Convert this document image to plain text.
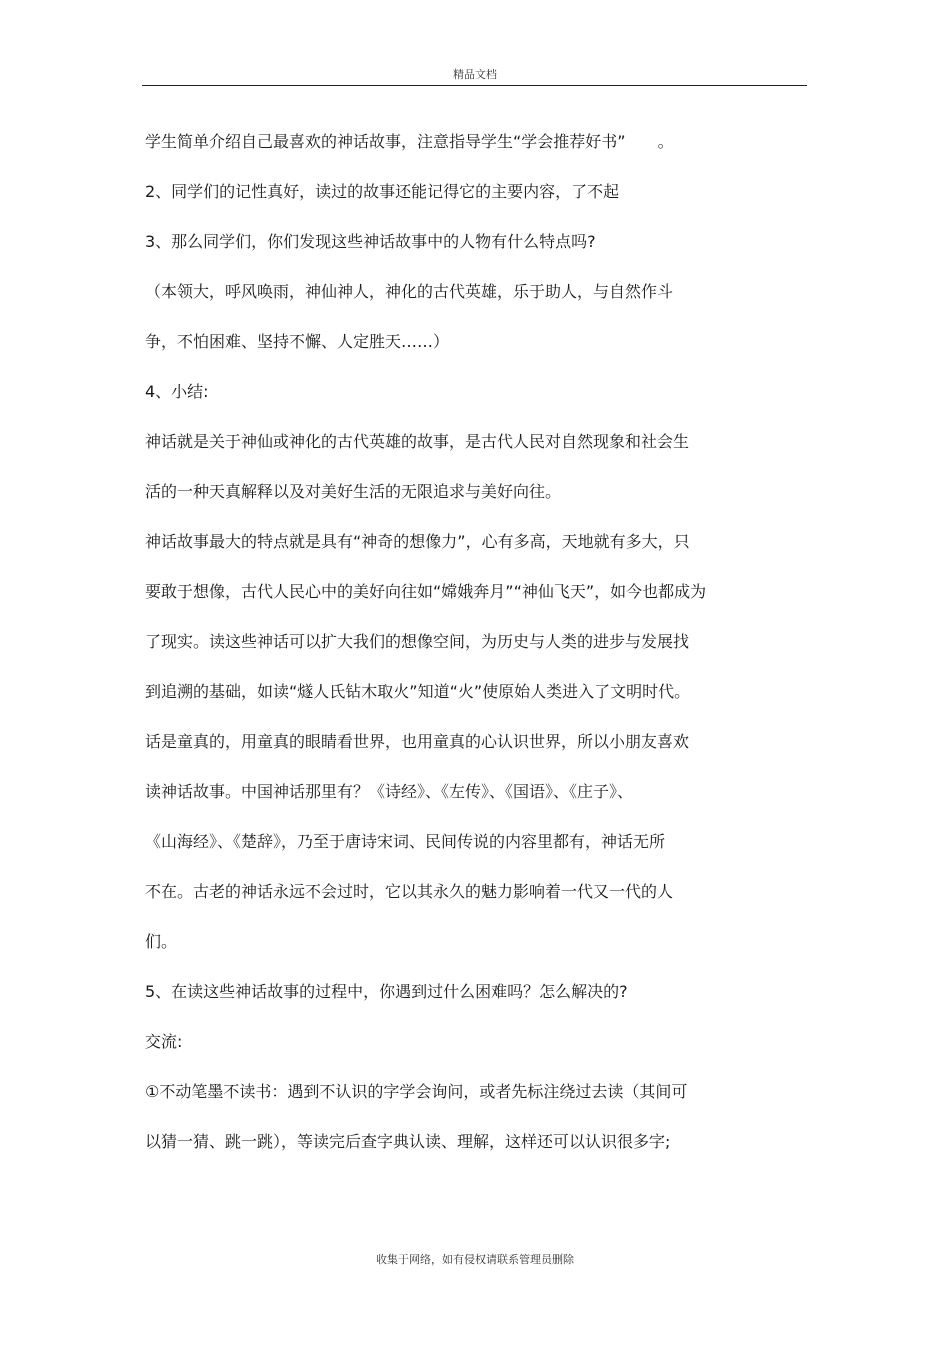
精品文档
学生简单介绍自己最喜欢的神话故事，注意指导学生“学会推荐好书”　　。
2、同学们的记性真好，读过的故事还能记得它的主要内容，了不起
3、那么同学们，你们发现这些神话故事中的人物有什么特点吗?
（本领大，呼风唤雨，神仙神人，神化的古代英雄，乐于助人，与自然作斗
争，不怕困难、坚持不懈、人定胜天……）
4、小结:
神话就是关于神仙或神化的古代英雄的故事，是古代人民对自然现象和社会生
活的一种天真解释以及对美好生活的无限追求与美好向往。
神话故事最大的特点就是具有“神奇的想像力”，心有多高，天地就有多大，只
要敢于想像，古代人民心中的美好向往如“嫦娥奔月”“神仙飞天”，如今也都成为
了现实。读这些神话可以扩大我们的想像空间，为历史与人类的进步与发展找
到追溯的基础，如读“燧人氏钻木取火”知道“火”使原始人类进入了文明时代。
话是童真的，用童真的眼睛看世界，也用童真的心认识世界，所以小朋友喜欢
读神话故事。中国神话那里有？《诗经》、《左传》、《国语》、《庄子》、
《山海经》、《楚辞》，乃至于唐诗宋词、民间传说的内容里都有，神话无所
不在。古老的神话永远不会过时，它以其永久的魅力影响着一代又一代的人
们。
5、在读这些神话故事的过程中，你遇到过什么困难吗？怎么解决的?
交流:
①不动笔墨不读书：遇到不认识的字学会询问，或者先标注绕过去读（其间可
以猜一猜、跳一跳），等读完后查字典认读、理解，这样还可以认识很多字;
收集于网络，如有侵权请联系管理员删除
